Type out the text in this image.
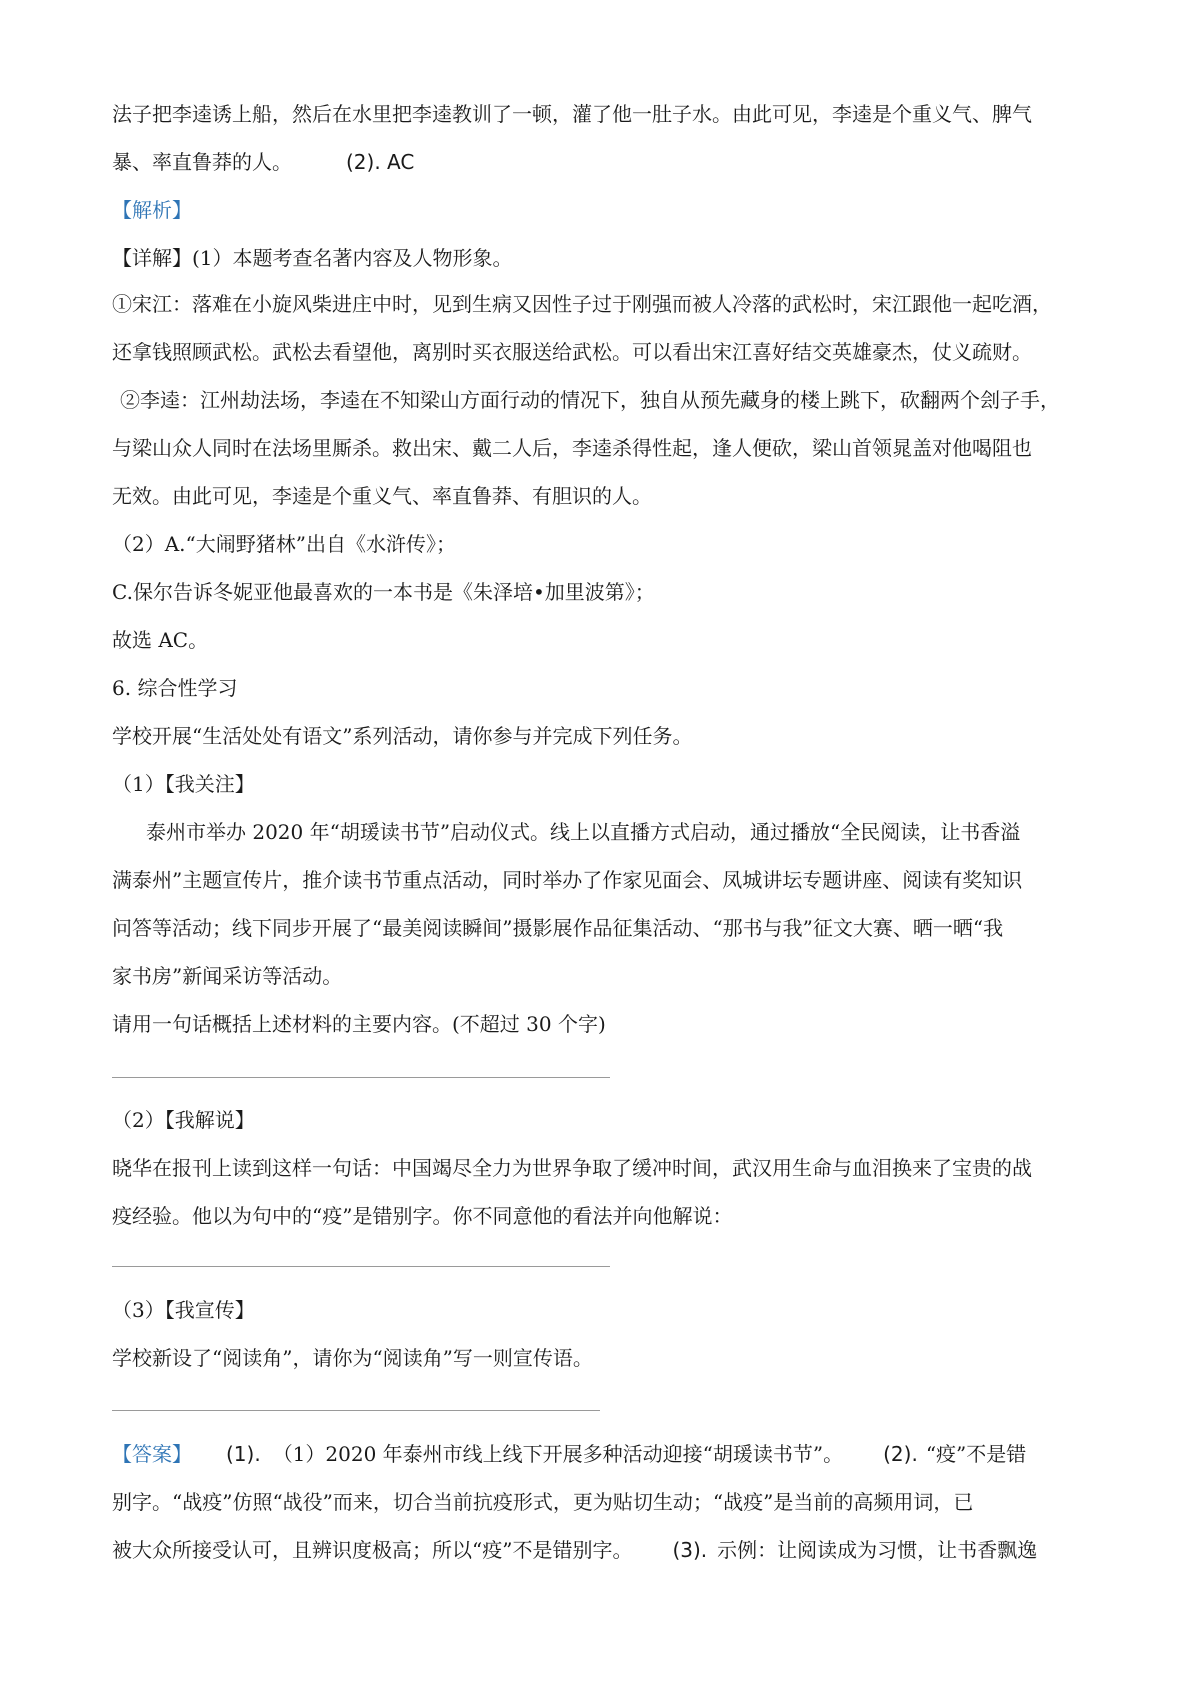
法子把李逵诱上船，然后在水里把李逵教训了一顿，灌了他一肚子水。由此可见，李逵是个重义气、脾气
暴、率直鲁莽的人。	(2). AC
【解析】
【详解】(1）本题考查名著内容及人物形象。
①宋江：落难在小旋风柴进庄中时，见到生病又因性子过于刚强而被人冷落的武松时，宋江跟他一起吃酒，
还拿钱照顾武松。武松去看望他，离别时买衣服送给武松。可以看出宋江喜好结交英雄豪杰，仗义疏财。
②李逵：江州劫法场，李逵在不知梁山方面行动的情况下，独自从预先藏身的楼上跳下，砍翻两个刽子手，
与梁山众人同时在法场里厮杀。救出宋、戴二人后，李逵杀得性起，逢人便砍，梁山首领晁盖对他喝阻也
无效。由此可见，李逵是个重义气、率直鲁莽、有胆识的人。
（2）A.“大闹野猪林”出自《水浒传》；
C.保尔告诉冬妮亚他最喜欢的一本书是《朱泽培•加里波第》；
故选 AC。
6. 综合性学习
学校开展“生活处处有语文”系列活动，请你参与并完成下列任务。
（1）【我关注】
泰州市举办 2020 年“胡瑗读书节”启动仪式。线上以直播方式启动，通过播放“全民阅读，让书香溢
满泰州”主题宣传片，推介读书节重点活动，同时举办了作家见面会、凤城讲坛专题讲座、阅读有奖知识
问答等活动；线下同步开展了“最美阅读瞬间”摄影展作品征集活动、“那书与我”征文大赛、晒一晒“我
家书房”新闻采访等活动。
请用一句话概括上述材料的主要内容。(不超过 30 个字)
（2）【我解说】
晓华在报刊上读到这样一句话：中国竭尽全力为世界争取了缓冲时间，武汉用生命与血泪换来了宝贵的战
疫经验。他以为句中的“疫”是错别字。你不同意他的看法并向他解说：
（3）【我宣传】
学校新设了“阅读角”，请你为“阅读角”写一则宣传语。
【答案】 (1). （1）2020 年泰州市线上线下开展多种活动迎接“胡瑗读书节”。 (2). “疫”不是错
别字。“战疫”仿照“战役”而来，切合当前抗疫形式，更为贴切生动；“战疫”是当前的高频用词，已
被大众所接受认可，且辨识度极高；所以“疫”不是错别字。 (3). 示例：让阅读成为习惯，让书香飘逸
